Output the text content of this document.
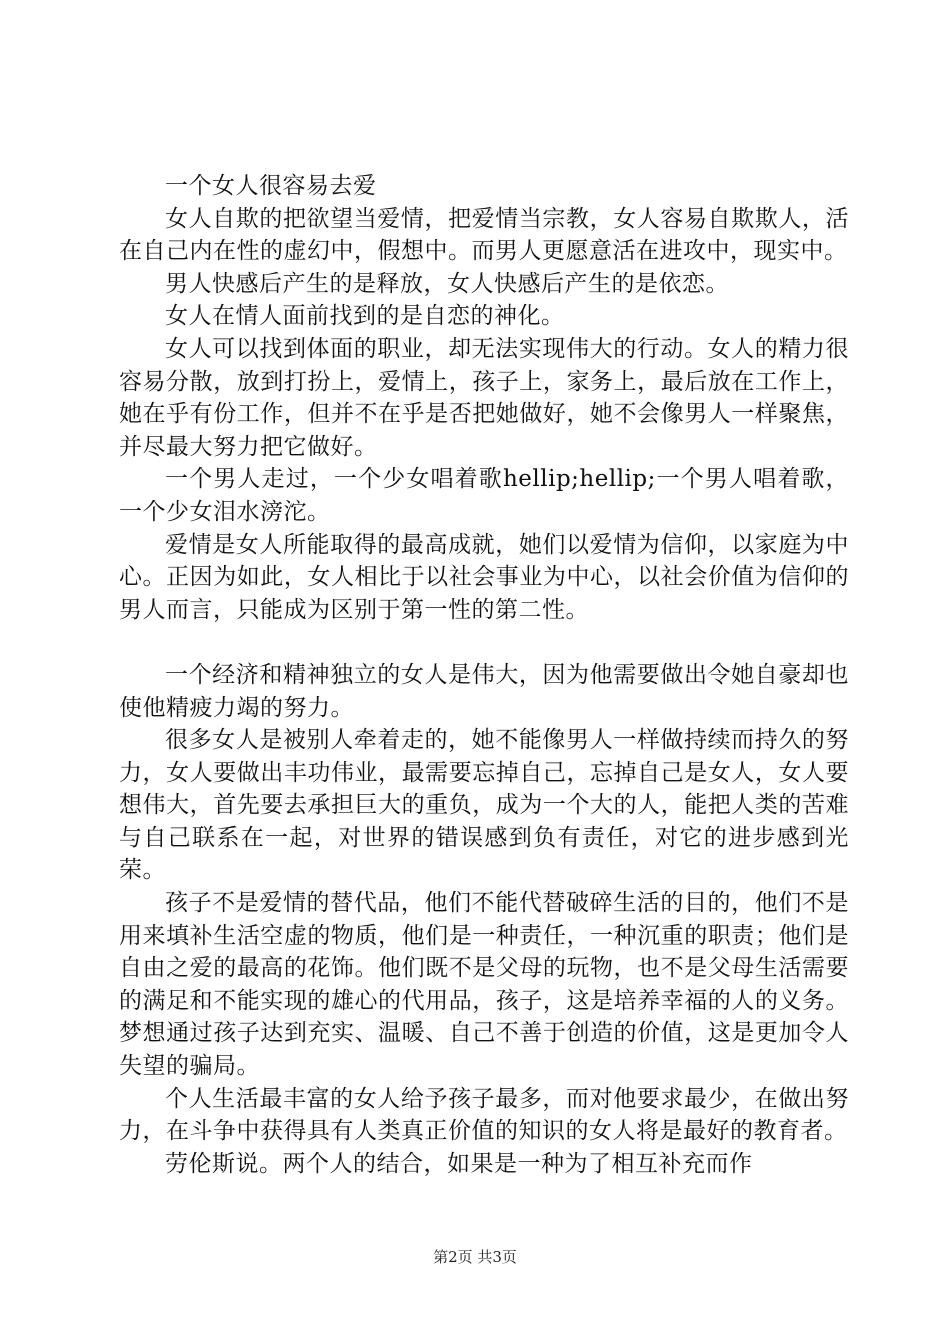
一个女人很容易去爱

女人自欺的把欲望当爱情，把爱情当宗教，女人容易自欺欺人，活在自己内在性的虚幻中，假想中。而男人更愿意活在进攻中，现实中。

男人快感后产生的是释放，女人快感后产生的是依恋。

女人在情人面前找到的是自恋的神化。

女人可以找到体面的职业，却无法实现伟大的行动。女人的精力很容易分散，放到打扮上，爱情上，孩子上，家务上，最后放在工作上，她在乎有份工作，但并不在乎是否把她做好，她不会像男人一样聚焦，并尽最大努力把它做好。

一个男人走过，一个少女唱着歌hellip;hellip;一个男人唱着歌，一个少女泪水滂沱。

爱情是女人所能取得的最高成就，她们以爱情为信仰，以家庭为中心。正因为如此，女人相比于以社会事业为中心，以社会价值为信仰的男人而言，只能成为区别于第一性的第二性。

一个经济和精神独立的女人是伟大，因为他需要做出令她自豪却也使他精疲力竭的努力。

很多女人是被别人牵着走的，她不能像男人一样做持续而持久的努力，女人要做出丰功伟业，最需要忘掉自己，忘掉自己是女人，女人要想伟大，首先要去承担巨大的重负，成为一个大的人，能把人类的苦难与自己联系在一起，对世界的错误感到负有责任，对它的进步感到光荣。

孩子不是爱情的替代品，他们不能代替破碎生活的目的，他们不是用来填补生活空虚的物质，他们是一种责任，一种沉重的职责；他们是自由之爱的最高的花饰。他们既不是父母的玩物，也不是父母生活需要的满足和不能实现的雄心的代用品，孩子，这是培养幸福的人的义务。梦想通过孩子达到充实、温暖、自己不善于创造的价值，这是更加令人失望的骗局。

个人生活最丰富的女人给予孩子最多，而对他要求最少，在做出努力，在斗争中获得具有人类真正价值的知识的女人将是最好的教育者。

劳伦斯说。两个人的结合，如果是一种为了相互补充而作

第2页 共3页
